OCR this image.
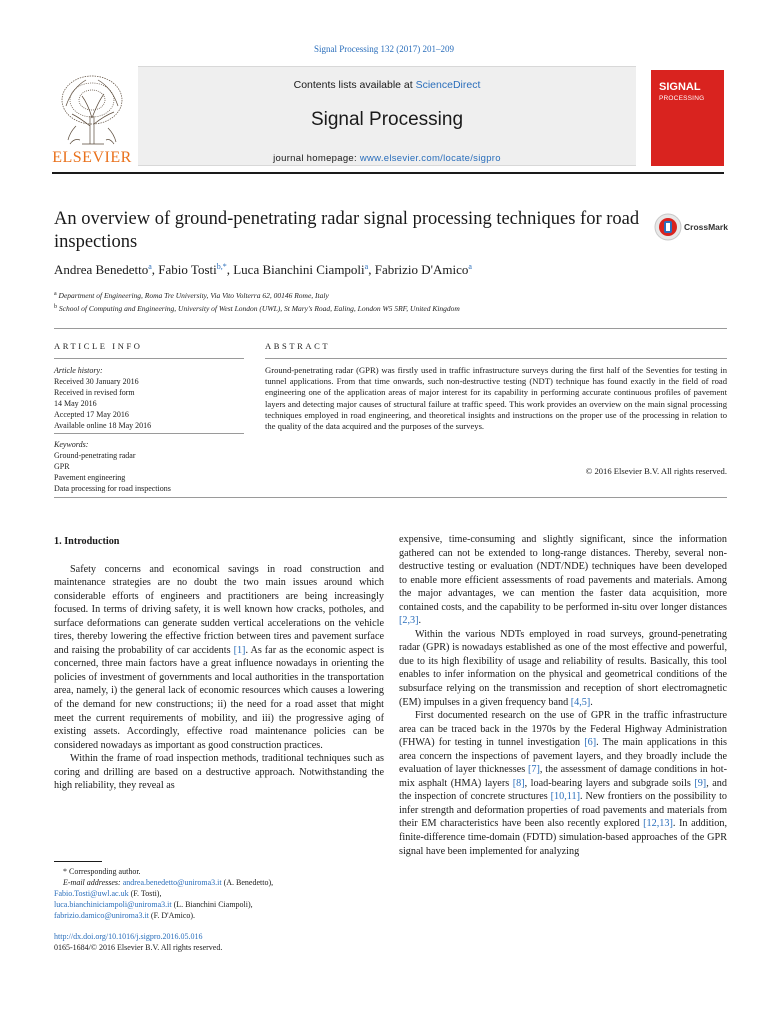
Signal Processing 132 (2017) 201–209
ELSEVIER
Contents lists available at ScienceDirect
Signal Processing
journal homepage: www.elsevier.com/locate/sigpro
SIGNAL
PROCESSING
An overview of ground-penetrating radar signal processing techniques for road inspections
CrossMark
Andrea Benedetto$^a$, Fabio Tosti$^{b,*}$, Luca Bianchini Ciampoli$^a$, Fabrizio D'Amico$^a$
$^a$ Department of Engineering, Roma Tre University, Via Vito Volterra 62, 00146 Rome, Italy
$^b$ School of Computing and Engineering, University of West London (UWL), St Mary's Road, Ealing, London W5 5RF, United Kingdom
ARTICLE INFO	ABSTRACT
Article history:
Received 30 January 2016
Received in revised form
14 May 2016
Accepted 17 May 2016
Available online 18 May 2016
Keywords:
Ground-penetrating radar
GPR
Pavement engineering
Data processing for road inspections
Ground-penetrating radar (GPR) was firstly used in traffic infrastructure surveys during the first half of the Seventies for testing in tunnel applications. From that time onwards, such non-destructive testing (NDT) technique has found exactly in the field of road engineering one of the application areas of major interest for its capability in performing accurate continuous profiles of pavement layers and detecting major causes of structural failure at traffic speed. This work provides an overview on the main signal processing techniques employed in road engineering, and theoretical insights and instructions on the proper use of the processing in relation to the quality of the data acquired and the purposes of the surveys.
© 2016 Elsevier B.V. All rights reserved.
1. Introduction

Safety concerns and economical savings in road construction and maintenance strategies are no doubt the two main issues around which considerable efforts of engineers and practitioners are being increasingly focused. In terms of driving safety, it is well known how cracks, potholes, and surface deformations can generate sudden vertical accelerations on the vehicle tires, thereby lowering the effective friction between tires and pavement surface and raising the probability of car accidents [1]. As far as the economic aspect is concerned, three main factors have a great influence nowadays in orienting the policies of investment of governments and local authorities in the transportation area, namely, i) the general lack of economic resources which causes a lowering of the demand for new constructions; ii) the need for a road asset that might meet the current requirements of mobility, and iii) the progressive aging of existing assets. Accordingly, effective road maintenance policies can be considered nowadays as important as good construction practices.

Within the frame of road inspection methods, traditional techniques such as coring and drilling are based on a destructive approach. Notwithstanding the high reliability, they reveal as

expensive, time-consuming and slightly significant, since the information gathered can not be extended to long-range distances. Thereby, several non-destructive testing or evaluation (NDT/NDE) techniques have been developed to enable more efficient assessments of road pavements and materials. Among the major advantages, we can mention the faster data acquisition, more contained costs, and the capability to be performed in-situ over longer distances [2,3].

Within the various NDTs employed in road surveys, ground-penetrating radar (GPR) is nowadays established as one of the most effective and powerful, due to its high flexibility of usage and reliability of results. Basically, this tool enables to infer information on the physical and geometrical conditions of the subsurface relying on the transmission and reception of short electromagnetic (EM) impulses in a given frequency band [4,5].

First documented research on the use of GPR in the traffic infrastructure area can be traced back in the 1970s by the Federal Highway Administration (FHWA) for testing in tunnel investigation [6]. The main applications in this area concern the inspections of pavement layers, and they broadly include the evaluation of layer thicknesses [7], the assessment of damage conditions in hot-mix asphalt (HMA) layers [8], load-bearing layers and subgrade soils [9], and the inspection of concrete structures [10,11]. New frontiers on the possibility to infer strength and deformation properties of road pavements and materials from their EM characteristics have been also recently explored [12,13]. In addition, finite-difference time-domain (FDTD) simulation-based approaches of the GPR signal have been implemented for analyzing

* Corresponding author.
E-mail addresses: andrea.benedetto@uniroma3.it (A. Benedetto),
Fabio.Tosti@uwl.ac.uk (F. Tosti),
luca.bianchiniciampoli@uniroma3.it (L. Bianchini Ciampoli),
fabrizio.damico@uniroma3.it (F. D'Amico).
http://dx.doi.org/10.1016/j.sigpro.2016.05.016
0165-1684/© 2016 Elsevier B.V. All rights reserved.
